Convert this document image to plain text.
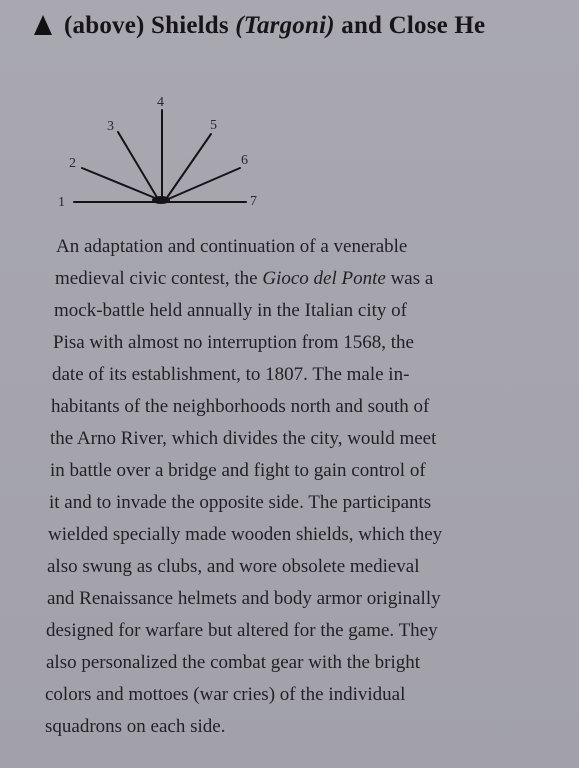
(above) Shields (Targoni) and Close He
1
2
3
4
5
6
7
An adaptation and continuation of a venerable
medieval civic contest, the Gioco del Ponte was a
mock-battle held annually in the Italian city of
Pisa with almost no interruption from 1568, the
date of its establishment, to 1807. The male in-
habitants of the neighborhoods north and south of
the Arno River, which divides the city, would meet
in battle over a bridge and fight to gain control of
it and to invade the opposite side. The participants
wielded specially made wooden shields, which they
also swung as clubs, and wore obsolete medieval
and Renaissance helmets and body armor originally
designed for warfare but altered for the game. They
also personalized the combat gear with the bright
colors and mottoes (war cries) of the individual
squadrons on each side.
